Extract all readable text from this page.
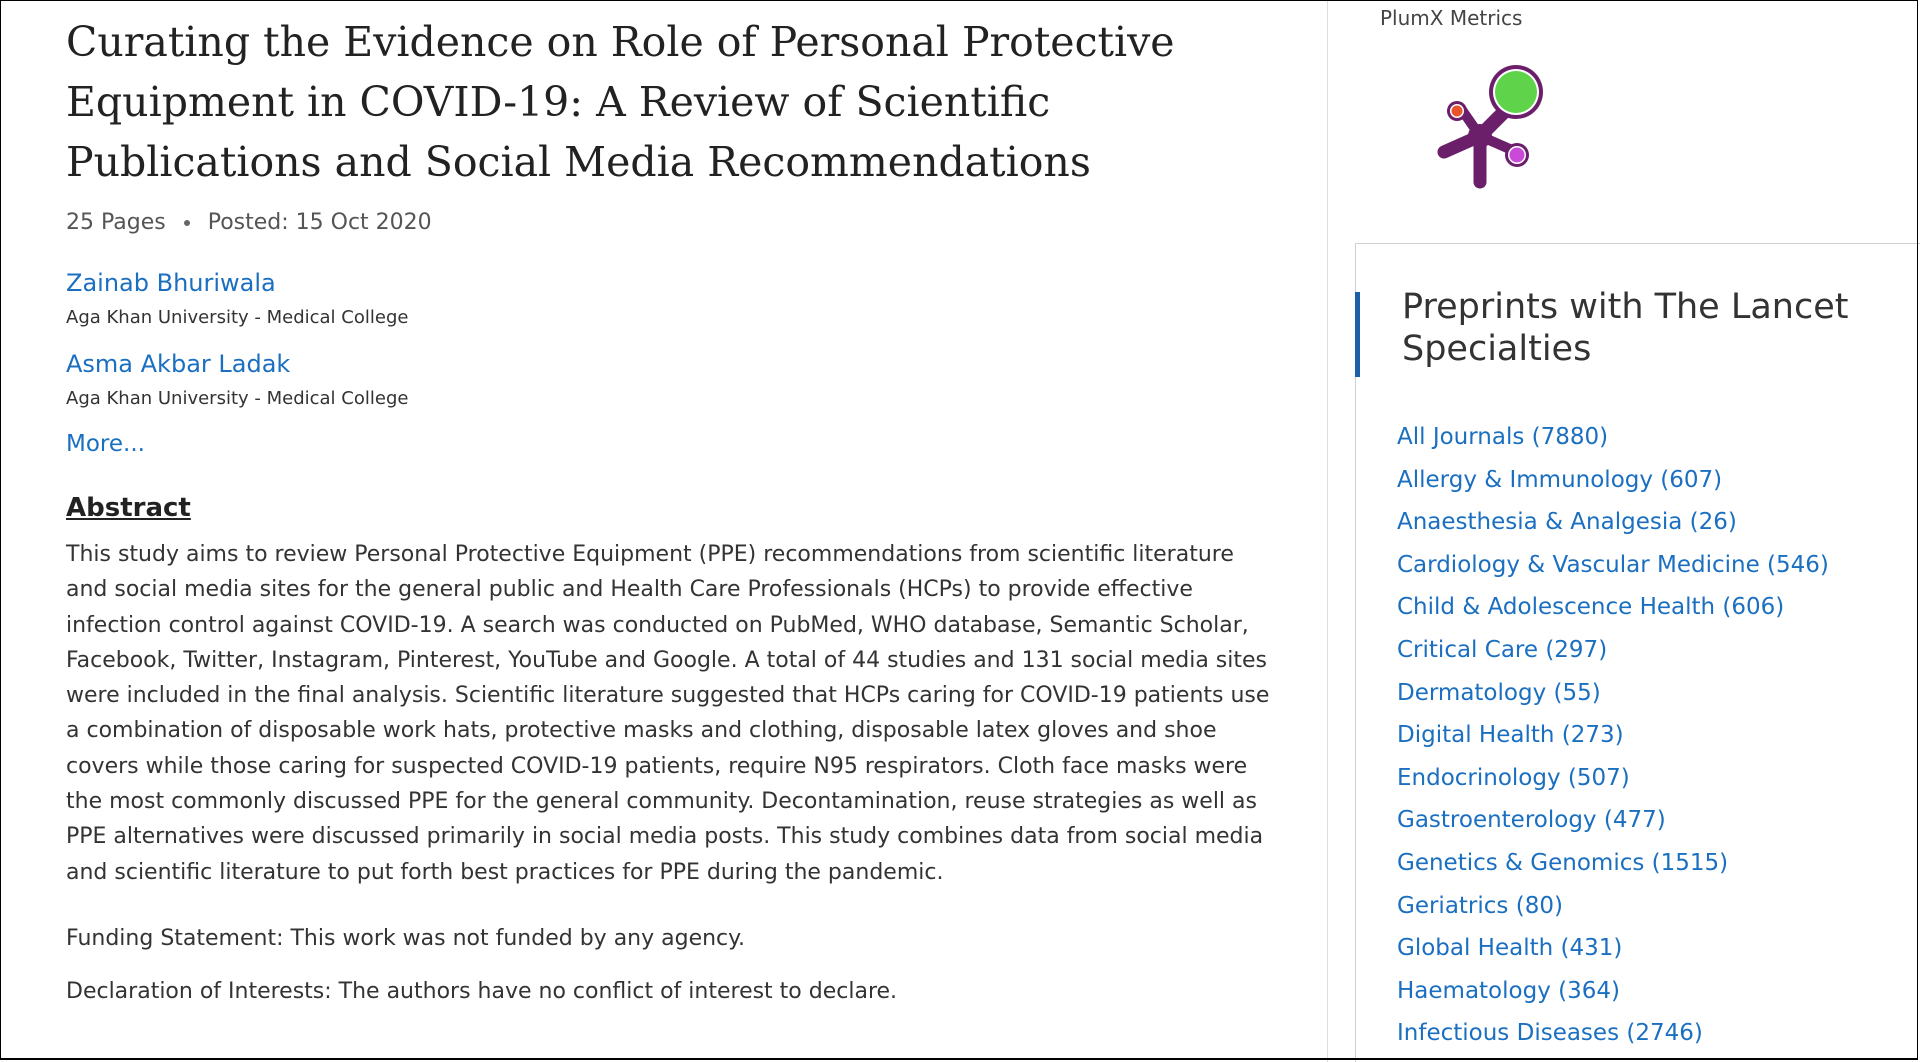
Curating the Evidence on Role of Personal Protective
Equipment in COVID-19: A Review of Scientific
Publications and Social Media Recommendations
25 Pages Posted: 15 Oct 2020
Zainab Bhuriwala
Aga Khan University - Medical College
Asma Akbar Ladak
Aga Khan University - Medical College
More...
Abstract
This study aims to review Personal Protective Equipment (PPE) recommendations from scientific literature
and social media sites for the general public and Health Care Professionals (HCPs) to provide effective
infection control against COVID-19. A search was conducted on PubMed, WHO database, Semantic Scholar,
Facebook, Twitter, Instagram, Pinterest, YouTube and Google. A total of 44 studies and 131 social media sites
were included in the final analysis. Scientific literature suggested that HCPs caring for COVID-19 patients use
a combination of disposable work hats, protective masks and clothing, disposable latex gloves and shoe
covers while those caring for suspected COVID-19 patients, require N95 respirators. Cloth face masks were
the most commonly discussed PPE for the general community. Decontamination, reuse strategies as well as
PPE alternatives were discussed primarily in social media posts. This study combines data from social media
and scientific literature to put forth best practices for PPE during the pandemic.
Funding Statement: This work was not funded by any agency.
Declaration of Interests: The authors have no conflict of interest to declare.
PlumX Metrics
Preprints with The Lancet
Specialties
All Journals (7880)
Allergy & Immunology (607)
Anaesthesia & Analgesia (26)
Cardiology & Vascular Medicine (546)
Child & Adolescence Health (606)
Critical Care (297)
Dermatology (55)
Digital Health (273)
Endocrinology (507)
Gastroenterology (477)
Genetics & Genomics (1515)
Geriatrics (80)
Global Health (431)
Haematology (364)
Infectious Diseases (2746)
